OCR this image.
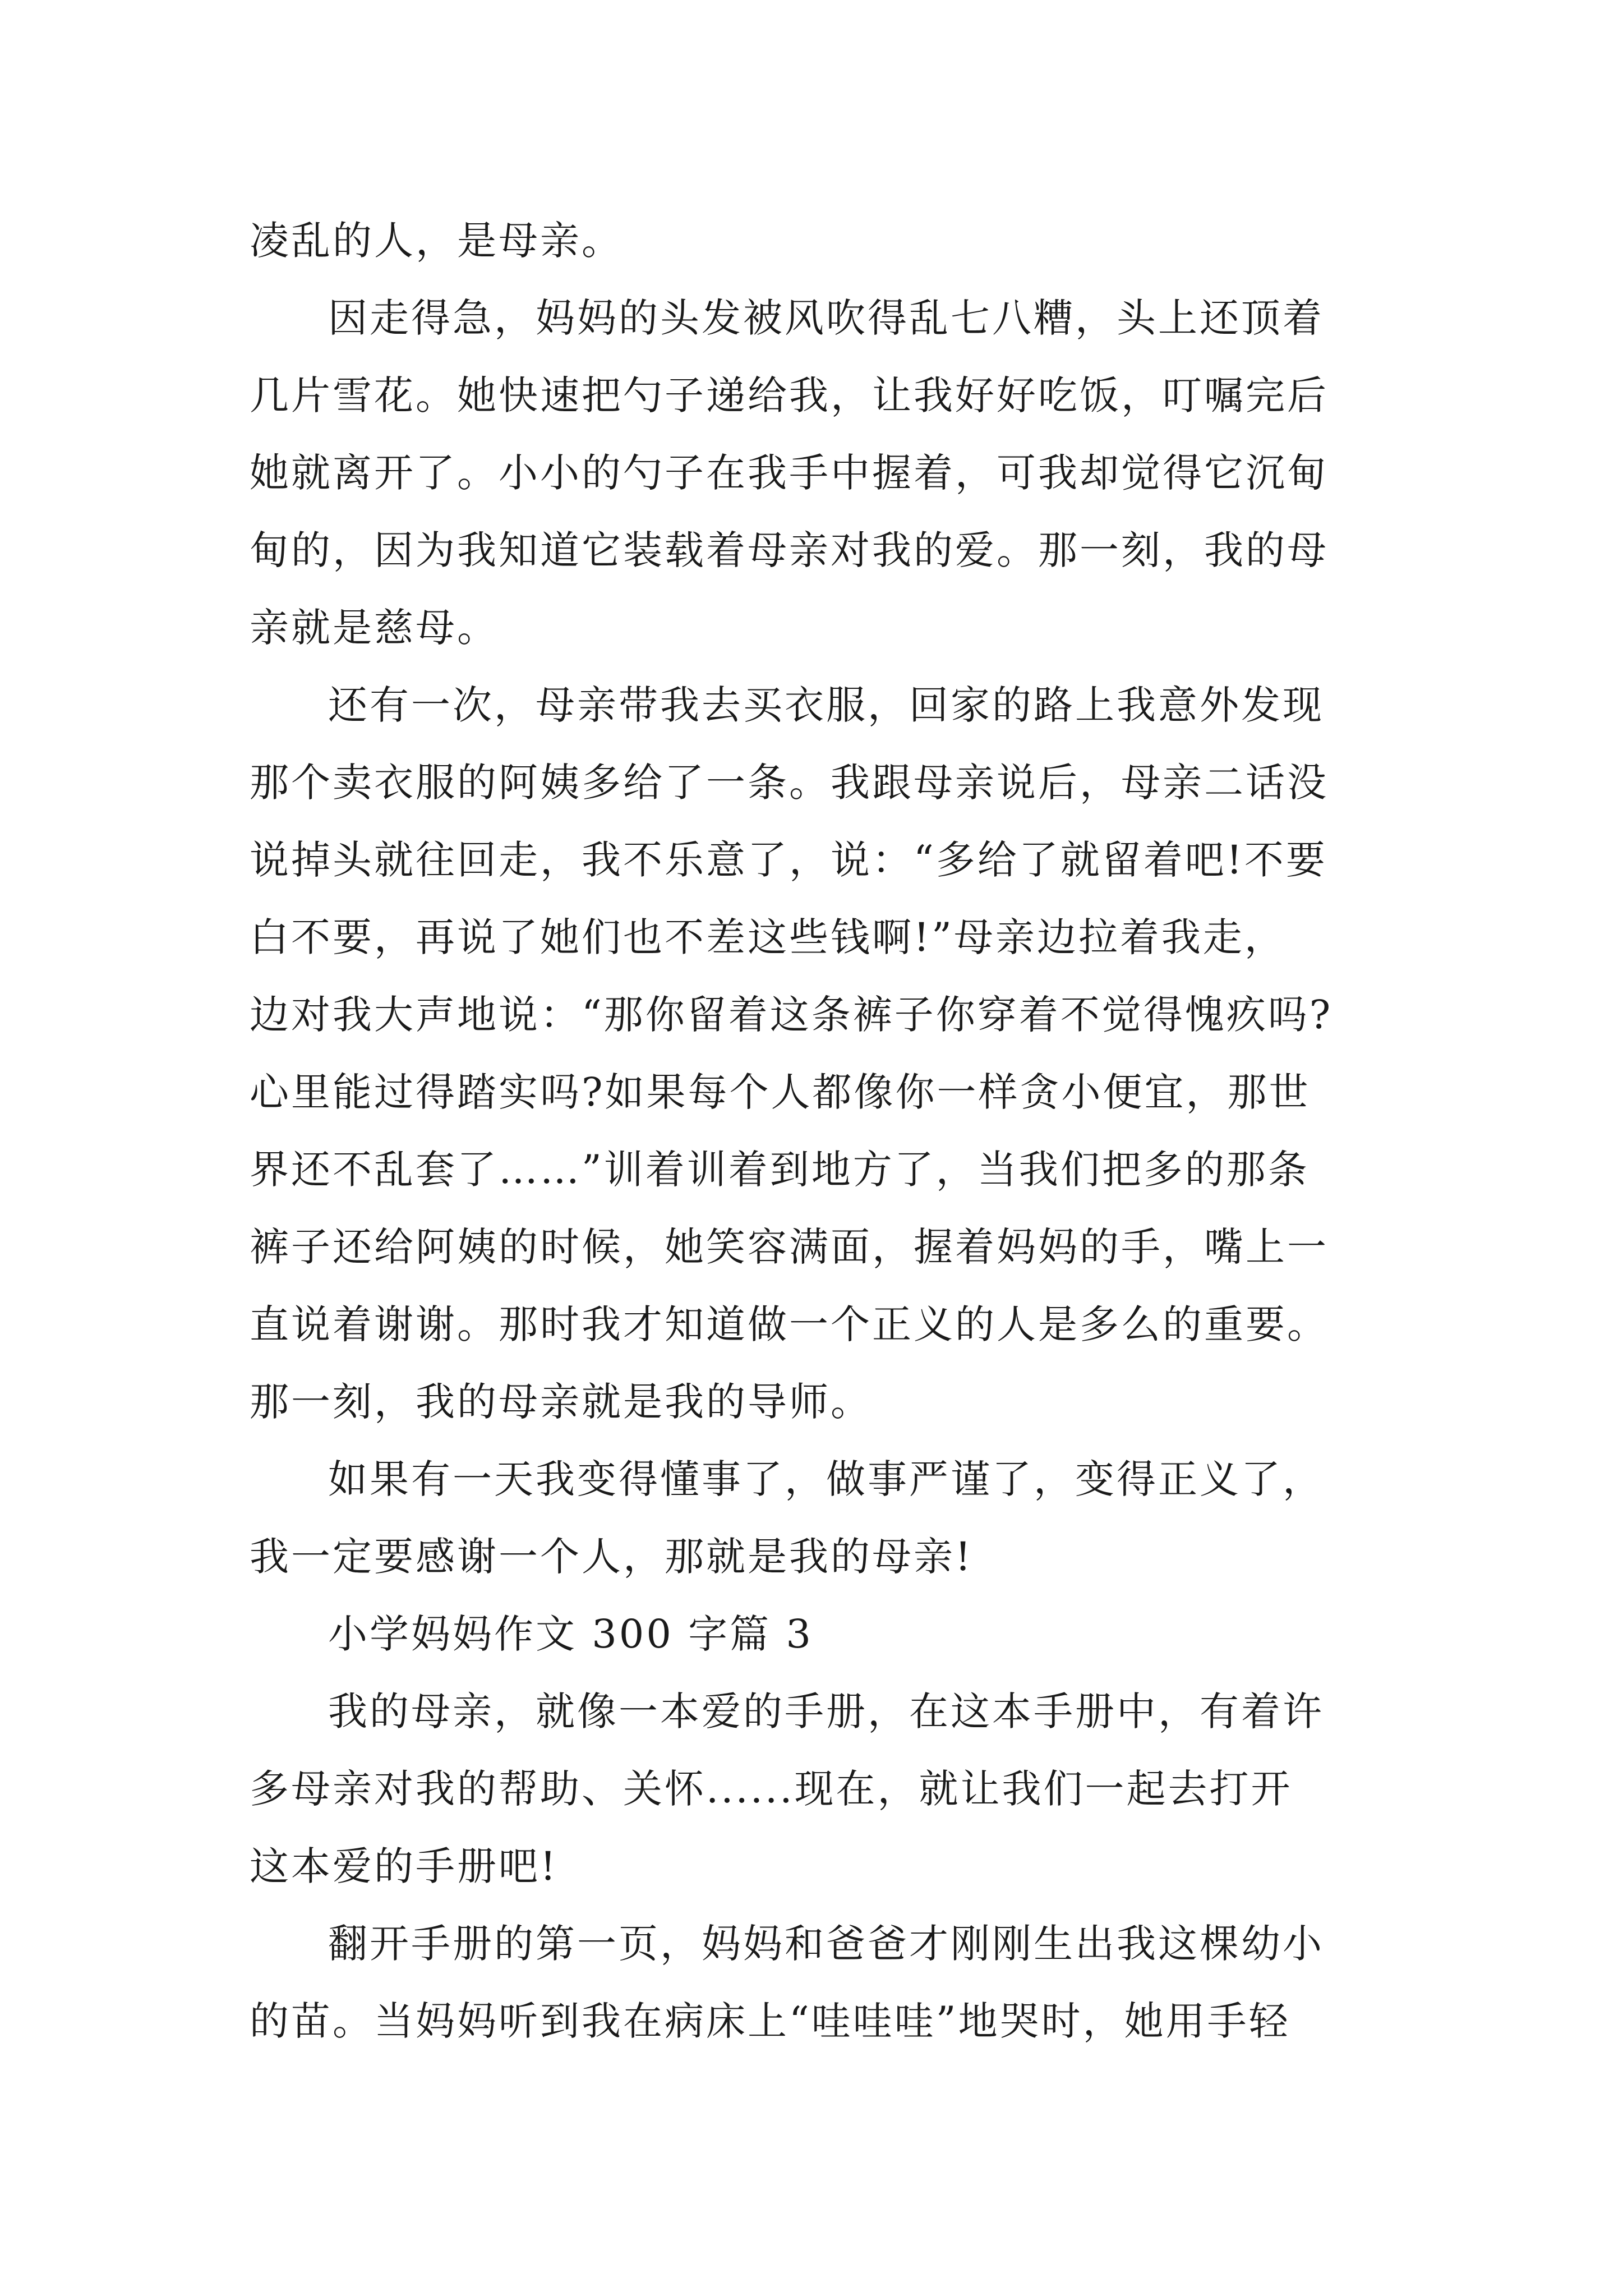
凌乱的人，是母亲。
因走得急，妈妈的头发被风吹得乱七八糟，头上还顶着
几片雪花。她快速把勺子递给我，让我好好吃饭，叮嘱完后
她就离开了。小小的勺子在我手中握着，可我却觉得它沉甸
甸的，因为我知道它装载着母亲对我的爱。那一刻，我的母
亲就是慈母。
还有一次，母亲带我去买衣服，回家的路上我意外发现
那个卖衣服的阿姨多给了一条。我跟母亲说后，母亲二话没
说掉头就往回走，我不乐意了，说：“多给了就留着吧!不要
白不要，再说了她们也不差这些钱啊!”母亲边拉着我走，
边对我大声地说：“那你留着这条裤子你穿着不觉得愧疚吗?
心里能过得踏实吗?如果每个人都像你一样贪小便宜，那世
界还不乱套了……”训着训着到地方了，当我们把多的那条
裤子还给阿姨的时候，她笑容满面，握着妈妈的手，嘴上一
直说着谢谢。那时我才知道做一个正义的人是多么的重要。
那一刻，我的母亲就是我的导师。
如果有一天我变得懂事了，做事严谨了，变得正义了，
我一定要感谢一个人，那就是我的母亲!
小学妈妈作文 300 字篇 3
我的母亲，就像一本爱的手册，在这本手册中，有着许
多母亲对我的帮助、关怀......现在，就让我们一起去打开
这本爱的手册吧!
翻开手册的第一页，妈妈和爸爸才刚刚生出我这棵幼小
的苗。当妈妈听到我在病床上“哇哇哇”地哭时，她用手轻
